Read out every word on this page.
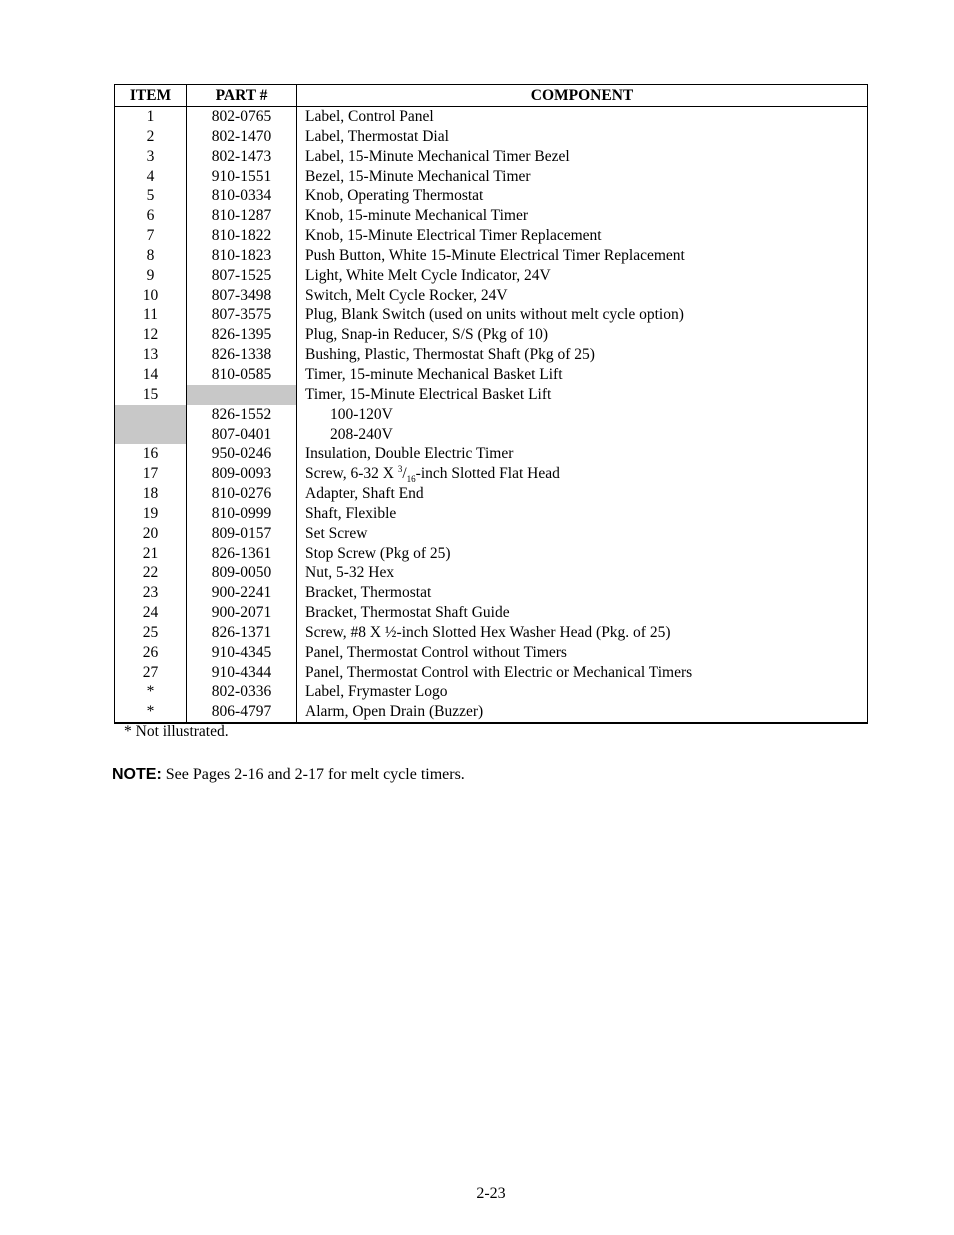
ITEM	PART #	COMPONENT
1	802-0765	Label, Control Panel
2	802-1470	Label, Thermostat Dial
3	802-1473	Label, 15-Minute Mechanical Timer Bezel
4	910-1551	Bezel, 15-Minute Mechanical Timer
5	810-0334	Knob, Operating Thermostat
6	810-1287	Knob, 15-minute Mechanical Timer
7	810-1822	Knob, 15-Minute Electrical Timer Replacement
8	810-1823	Push Button, White 15-Minute Electrical Timer Replacement
9	807-1525	Light, White Melt Cycle Indicator, 24V
10	807-3498	Switch, Melt Cycle Rocker, 24V
11	807-3575	Plug, Blank Switch (used on units without melt cycle option)
12	826-1395	Plug, Snap-in Reducer, S/S (Pkg of 10)
13	826-1338	Bushing, Plastic, Thermostat Shaft (Pkg of 25)
14	810-0585	Timer, 15-minute Mechanical Basket Lift
15		Timer, 15-Minute Electrical Basket Lift
	826-1552	100-120V
	807-0401	208-240V
16	950-0246	Insulation, Double Electric Timer
17	809-0093	Screw, 6-32 X $^3/_{16}$-inch Slotted Flat Head
18	810-0276	Adapter, Shaft End
19	810-0999	Shaft, Flexible
20	809-0157	Set Screw
21	826-1361	Stop Screw (Pkg of 25)
22	809-0050	Nut, 5-32 Hex
23	900-2241	Bracket, Thermostat
24	900-2071	Bracket, Thermostat Shaft Guide
25	826-1371	Screw, #8 X ½-inch Slotted Hex Washer Head (Pkg. of 25)
26	910-4345	Panel, Thermostat Control without Timers
27	910-4344	Panel, Thermostat Control with Electric or Mechanical Timers
*	802-0336	Label, Frymaster Logo
*	806-4797	Alarm, Open Drain (Buzzer)
* Not illustrated.
NOTE: See Pages 2-16 and 2-17 for melt cycle timers.
2-23
